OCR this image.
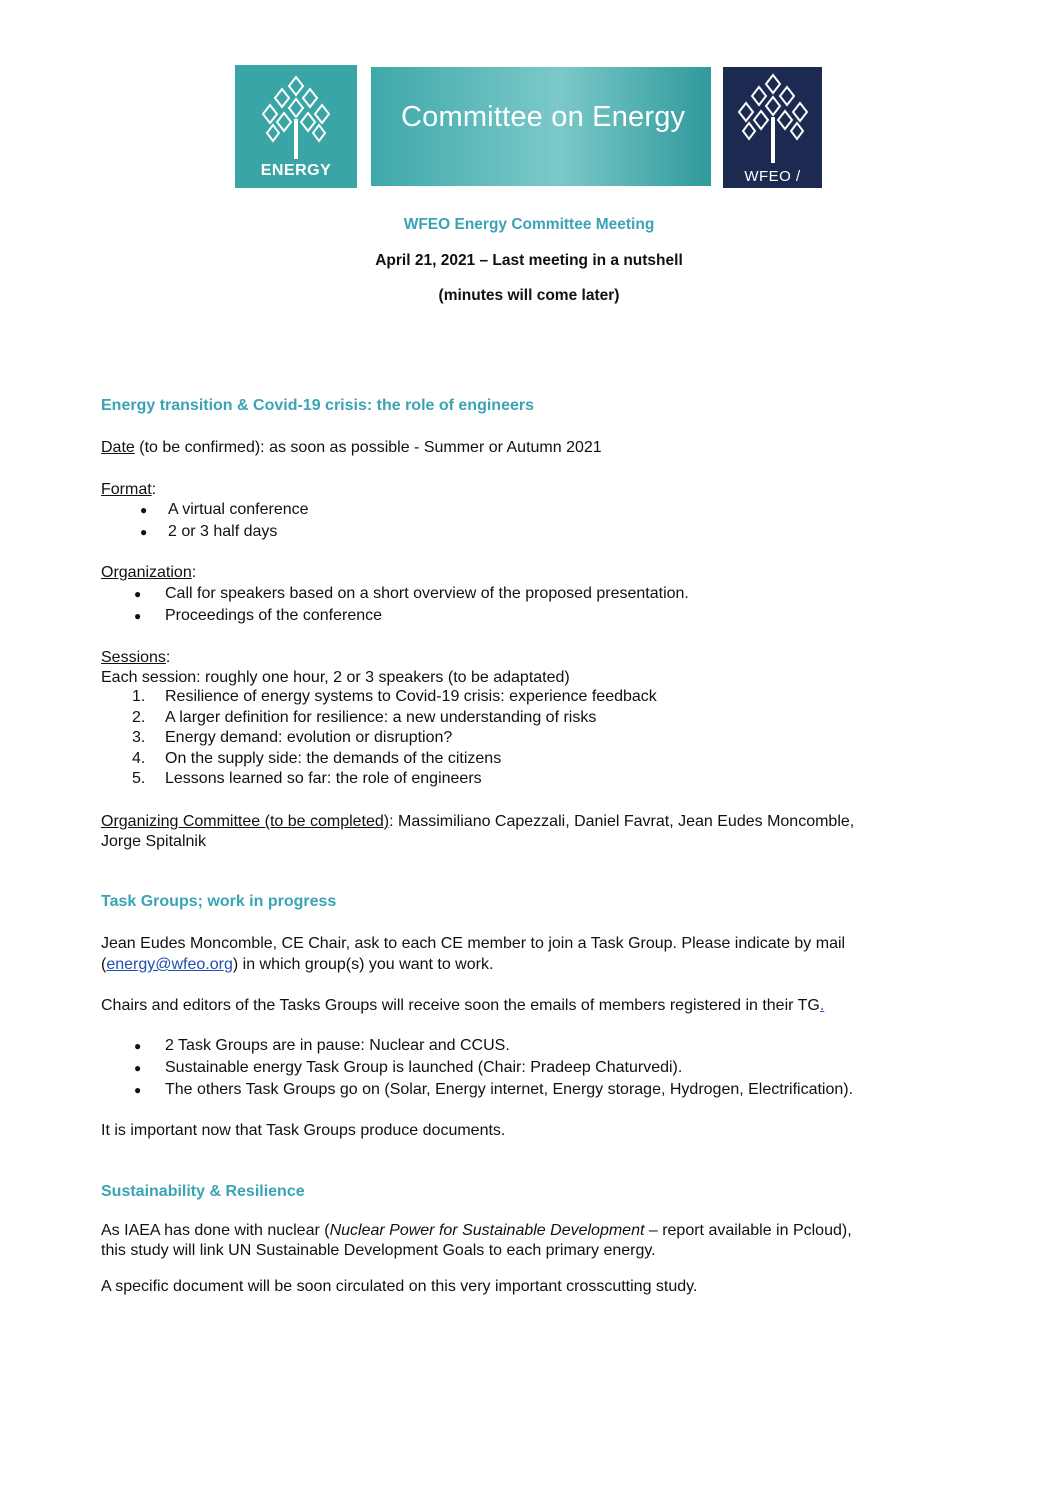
ENERGY
Committee on Energy
WFEO / FMOI
WFEO Energy Committee Meeting
April 21, 2021 – Last meeting in a nutshell
(minutes will come later)
Energy transition & Covid-19 crisis: the role of engineers
Date (to be confirmed): as soon as possible - Summer or Autumn 2021
Format:
● A virtual conference
● 2 or 3 half days
Organization:
● Call for speakers based on a short overview of the proposed presentation.
● Proceedings of the conference
Sessions:
Each session: roughly one hour, 2 or 3 speakers (to be adaptated)
1. Resilience of energy systems to Covid-19 crisis: experience feedback
2. A larger definition for resilience: a new understanding of risks
3. Energy demand: evolution or disruption?
4. On the supply side: the demands of the citizens
5. Lessons learned so far: the role of engineers
Organizing Committee (to be completed): Massimiliano Capezzali, Daniel Favrat, Jean Eudes Moncomble,
Jorge Spitalnik
Task Groups; work in progress
Jean Eudes Moncomble, CE Chair, ask to each CE member to join a Task Group. Please indicate by mail
(energy@wfeo.org) in which group(s) you want to work.
Chairs and editors of the Tasks Groups will receive soon the emails of members registered in their TG.
● 2 Task Groups are in pause: Nuclear and CCUS.
● Sustainable energy Task Group is launched (Chair: Pradeep Chaturvedi).
● The others Task Groups go on (Solar, Energy internet, Energy storage, Hydrogen, Electrification).
It is important now that Task Groups produce documents.
Sustainability & Resilience
As IAEA has done with nuclear (Nuclear Power for Sustainable Development – report available in Pcloud),
this study will link UN Sustainable Development Goals to each primary energy.
A specific document will be soon circulated on this very important crosscutting study.
